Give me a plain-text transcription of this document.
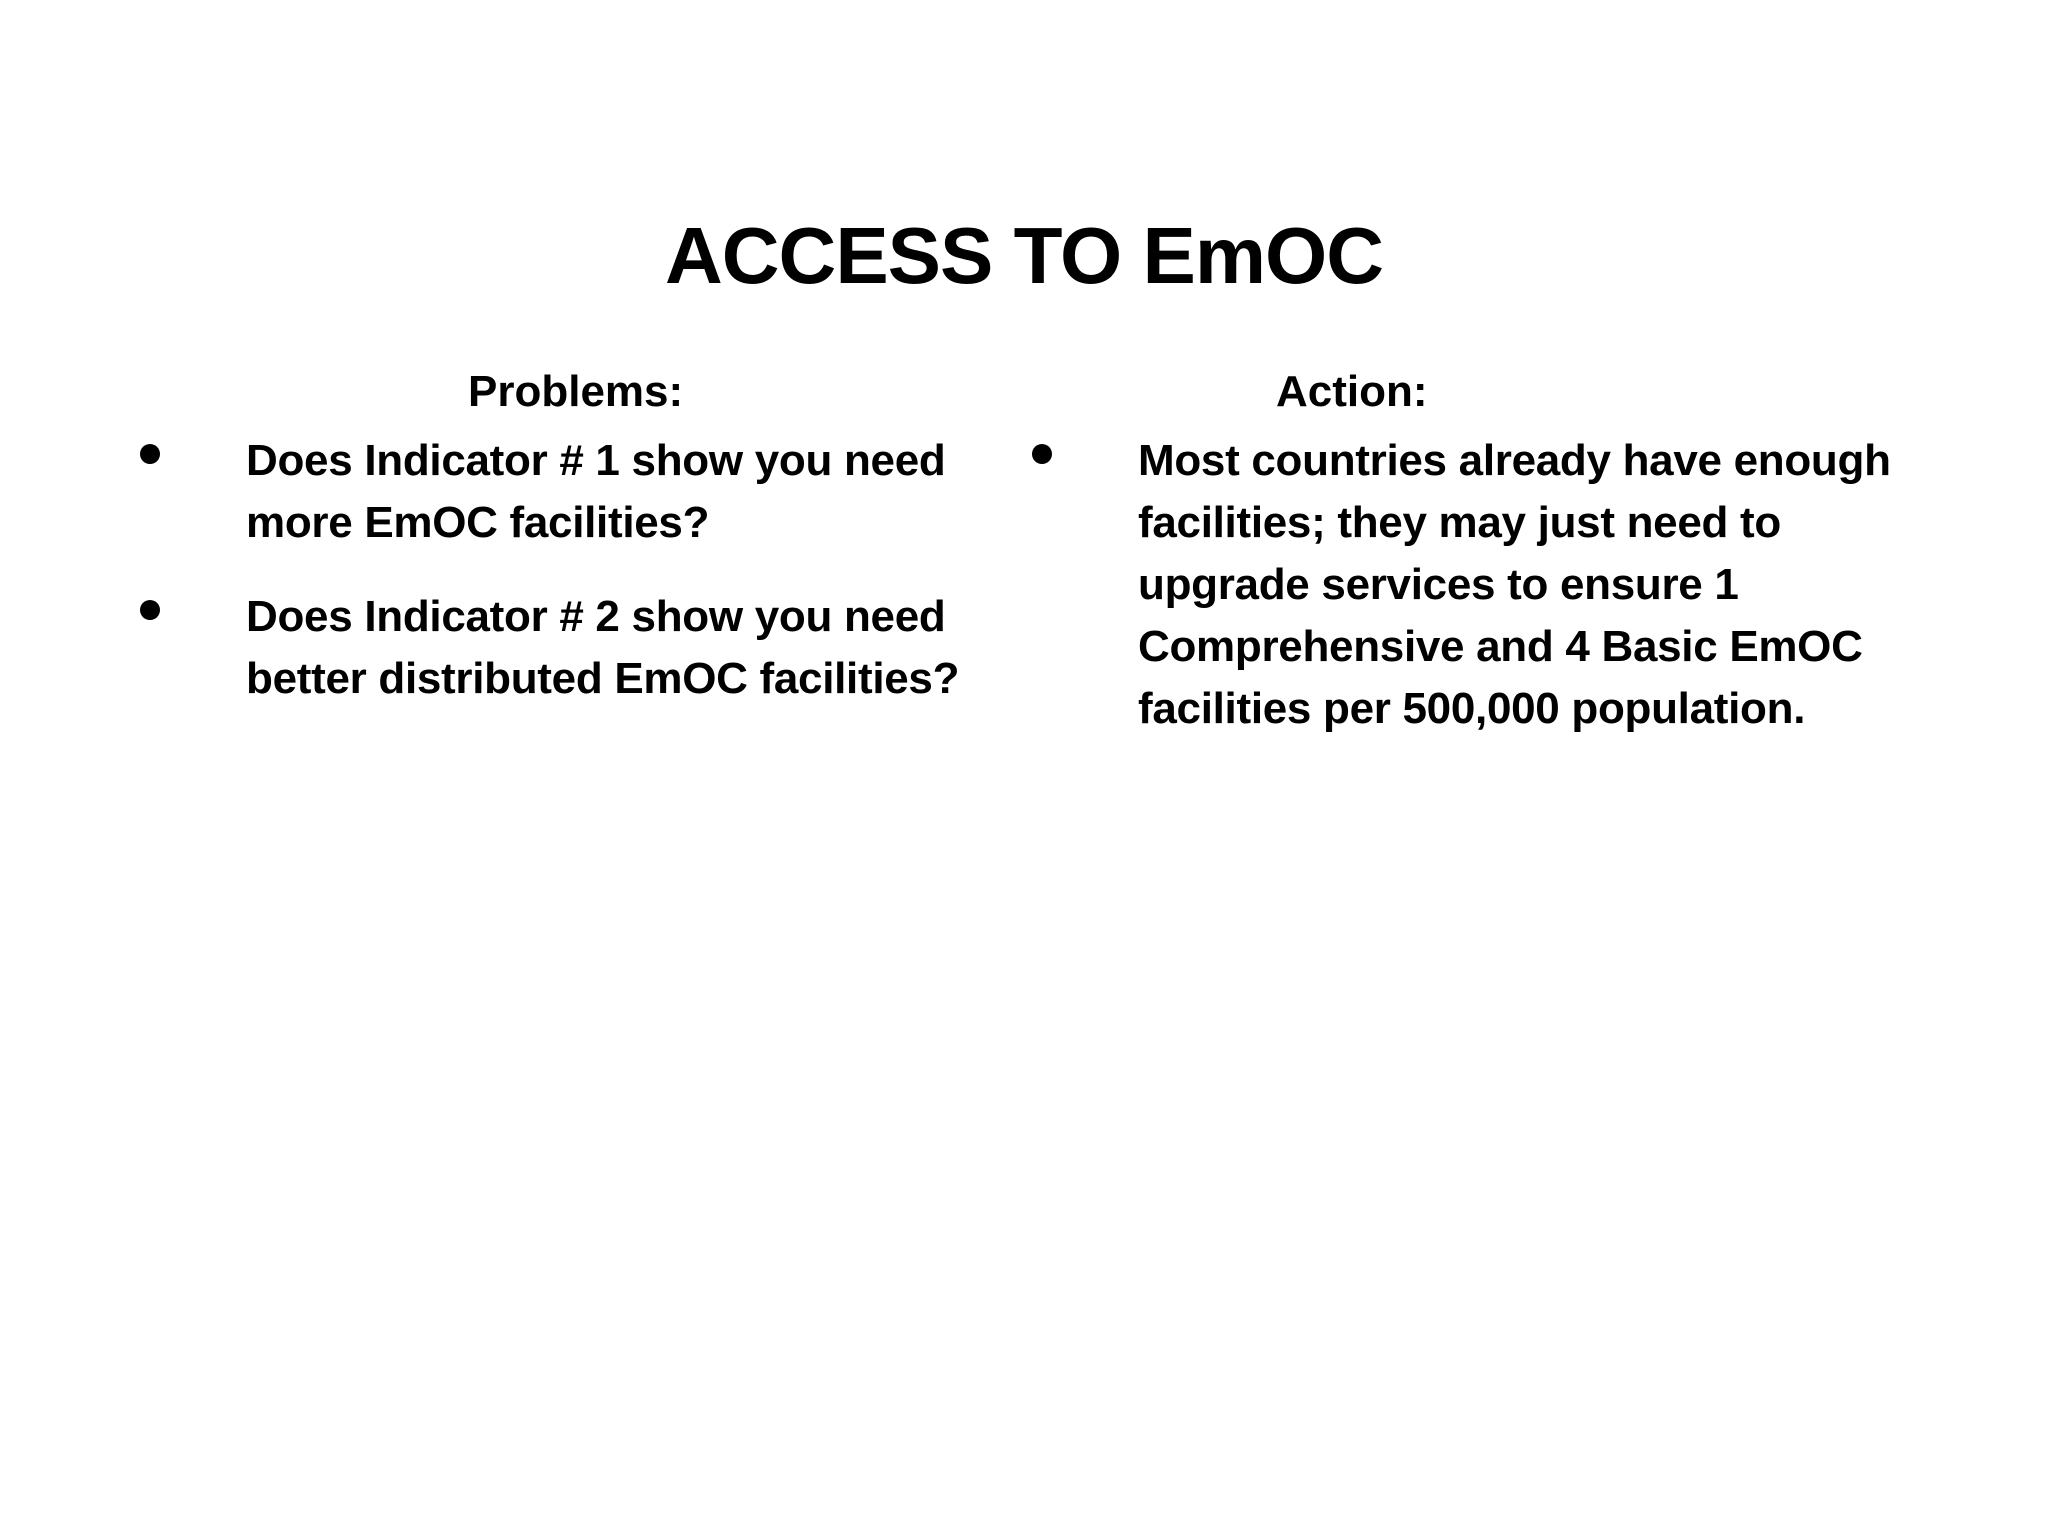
ACCESS TO EmOC
Problems:	Action:
Does Indicator # 1 show you need more EmOC facilities?
Does Indicator # 2 show you need better distributed EmOC facilities?
Most countries already have enough facilities; they may just need to upgrade services to ensure 1 Comprehensive and 4 Basic EmOC facilities per 500,000 population.
